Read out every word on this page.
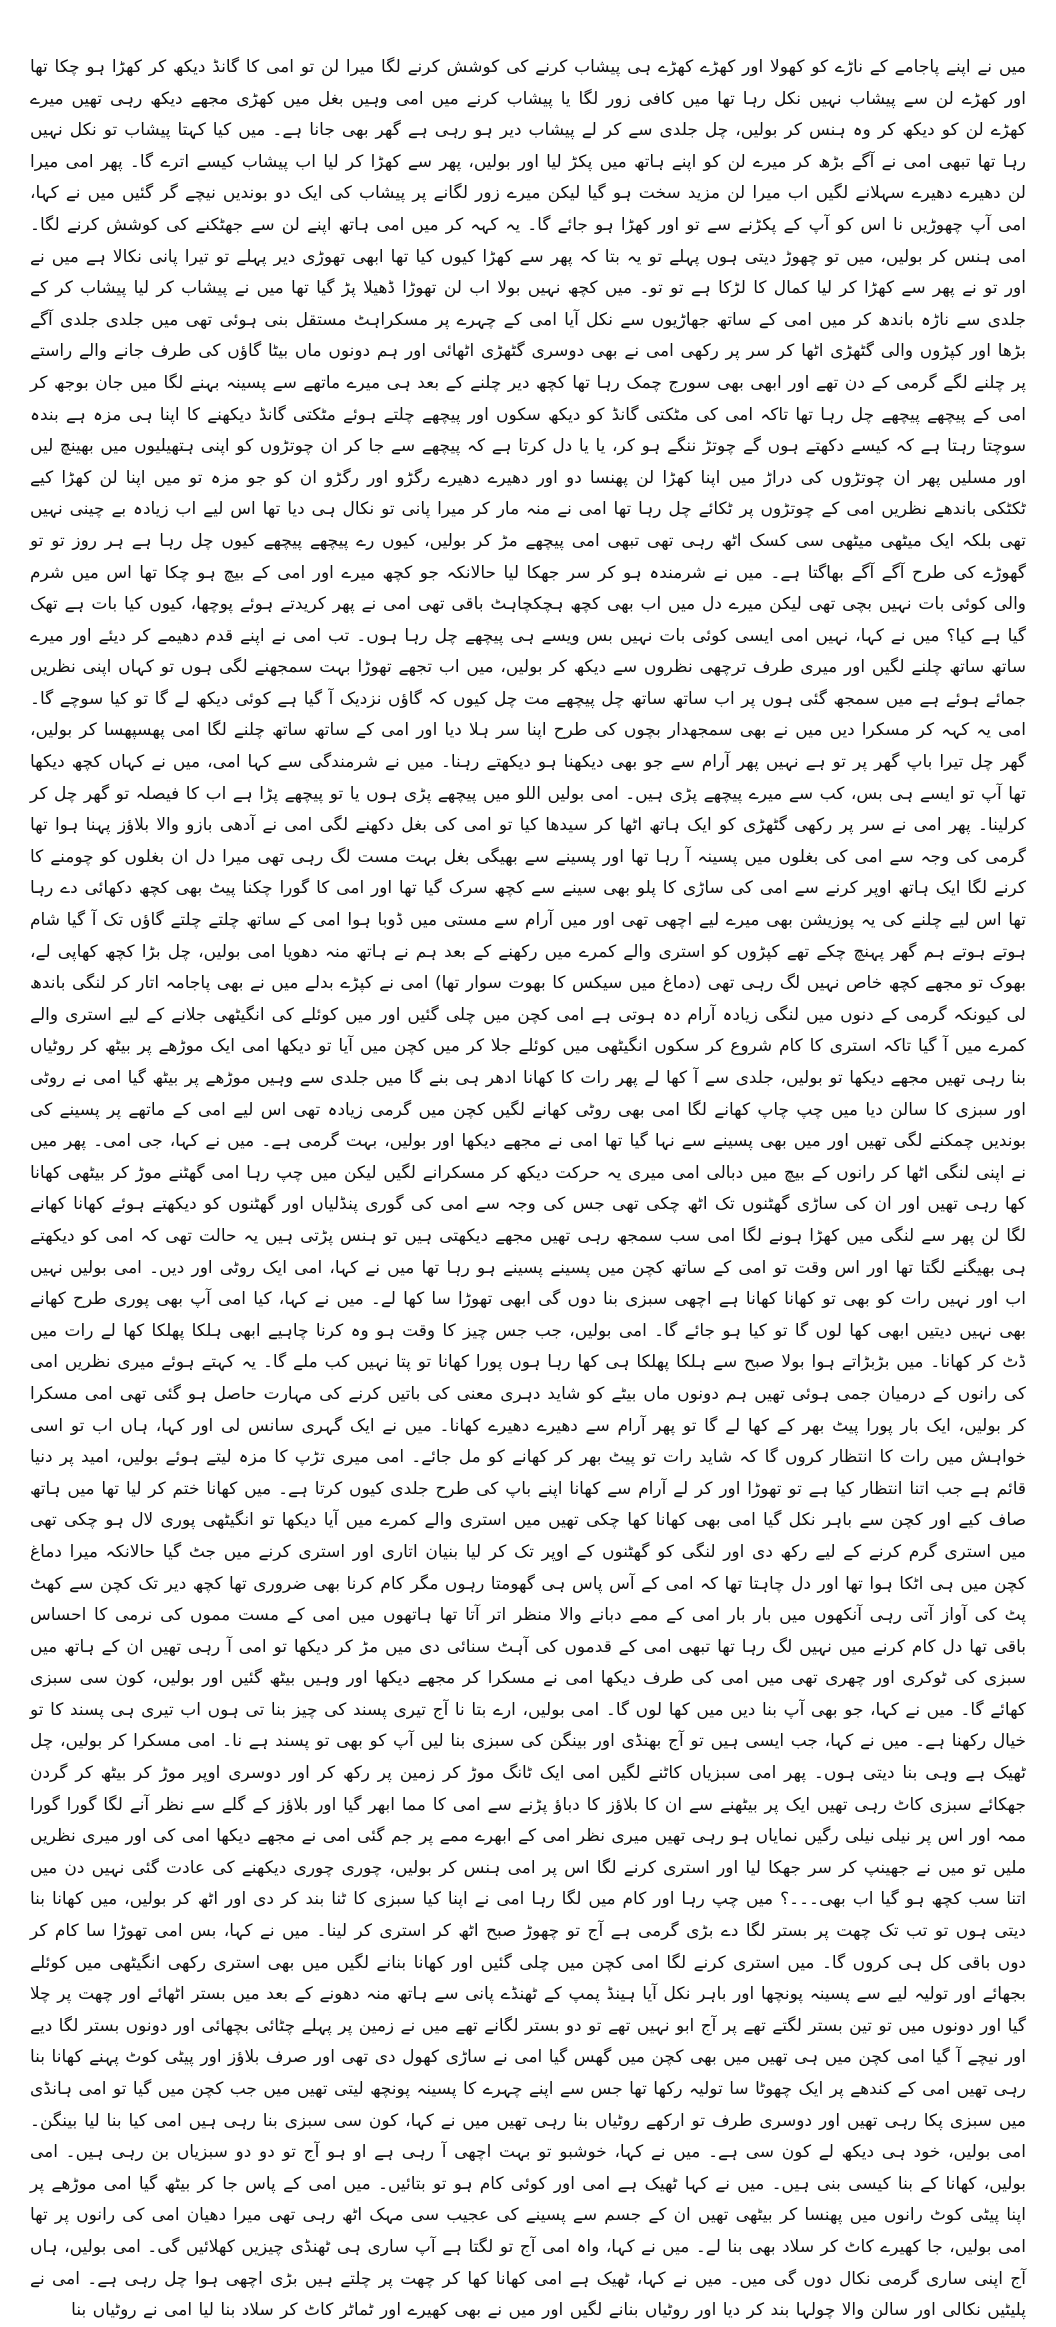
میں نے اپنے پاجامے کے ناڑے کو کھولا اور کھڑے کھڑے ہی پیشاب کرنے کی کوشش کرنے لگا میرا لن تو امی کا گانڈ دیکھ کر کھڑا ہو چکا تھا اور کھڑے لن سے پیشاب نہیں نکل رہا تھا میں کافی زور لگا یا پیشاب کرنے میں امی وہیں بغل میں کھڑی مجھے دیکھ رہی تھیں میرے کھڑے لن کو دیکھ کر وہ ہنس کر بولیں، چل جلدی سے کر لے پیشاب دیر ہو رہی ہے گھر بھی جانا ہے۔ میں کیا کہتا پیشاب تو نکل نہیں رہا تھا تبھی امی نے آگے بڑھ کر میرے لن کو اپنے ہاتھ میں پکڑ لیا اور بولیں، پھر سے کھڑا کر لیا اب پیشاب کیسے اترے گا۔ پھر امی میرا لن دھیرے دھیرے سہلانے لگیں اب میرا لن مزید سخت ہو گیا لیکن میرے زور لگانے پر پیشاب کی ایک دو بوندیں نیچے گر گئیں میں نے کہا، امی آپ چھوڑیں نا اس کو آپ کے پکڑنے سے تو اور کھڑا ہو جائے گا۔ یہ کہہ کر میں امی ہاتھ اپنے لن سے جھٹکنے کی کوشش کرنے لگا۔ امی ہنس کر بولیں، میں تو چھوڑ دیتی ہوں پہلے تو یہ بتا کہ پھر سے کھڑا کیوں کیا تھا ابھی تھوڑی دیر پہلے تو تیرا پانی نکالا ہے میں نے اور تو نے پھر سے کھڑا کر لیا کمال کا لڑکا ہے تو تو۔ میں کچھ نہیں بولا اب لن تھوڑا ڈھیلا پڑ گیا تھا میں نے پیشاب کر لیا پیشاب کر کے جلدی سے ناڑہ باندھ کر میں امی کے ساتھ جھاڑیوں سے نکل آیا امی کے چہرے پر مسکراہٹ مستقل بنی ہوئی تھی میں جلدی جلدی آگے بڑھا اور کپڑوں والی گٹھڑی اٹھا کر سر پر رکھی امی نے بھی دوسری گٹھڑی اٹھائی اور ہم دونوں ماں بیٹا گاؤں کی طرف جانے والے راستے پر چلنے لگے گرمی کے دن تھے اور ابھی بھی سورج چمک رہا تھا کچھ دیر چلنے کے بعد ہی میرے ماتھے سے پسینہ بہنے لگا میں جان بوجھ کر امی کے پیچھے پیچھے چل رہا تھا تاکہ امی کی مٹکتی گانڈ کو دیکھ سکوں اور پیچھے چلتے ہوئے مٹکتی گانڈ دیکھنے کا اپنا ہی مزہ ہے بندہ سوچتا رہتا ہے کہ کیسے دکھتے ہوں گے چوتڑ ننگے ہو کر، یا یا دل کرتا ہے کہ پیچھے سے جا کر ان چوتڑوں کو اپنی ہتھیلیوں میں بھینچ لیں اور مسلیں پھر ان چوتڑوں کی دراڑ میں اپنا کھڑا لن پھنسا دو اور دھیرے دھیرے رگڑو اور رگڑو ان کو جو مزہ تو میں اپنا لن کھڑا کیے ٹکٹکی باندھے نظریں امی کے چوتڑوں پر ٹکائے چل رہا تھا امی نے منہ مار کر میرا پانی تو نکال ہی دیا تھا اس لیے اب زیادہ بے چینی نہیں تھی بلکہ ایک میٹھی میٹھی سی کسک اٹھ رہی تھی تبھی امی پیچھے مڑ کر بولیں، کیوں رے پیچھے پیچھے کیوں چل رہا ہے ہر روز تو تو گھوڑے کی طرح آگے آگے بھاگتا ہے۔ میں نے شرمندہ ہو کر سر جھکا لیا حالانکہ جو کچھ میرے اور امی کے بیچ ہو چکا تھا اس میں شرم والی کوئی بات نہیں بچی تھی لیکن میرے دل میں اب بھی کچھ ہچکچاہٹ باقی تھی امی نے پھر کریدتے ہوئے پوچھا، کیوں کیا بات ہے تھک گیا ہے کیا؟ میں نے کہا، نہیں امی ایسی کوئی بات نہیں بس ویسے ہی پیچھے چل رہا ہوں۔ تب امی نے اپنے قدم دھیمے کر دیئے اور میرے ساتھ ساتھ چلنے لگیں اور میری طرف ترچھی نظروں سے دیکھ کر بولیں، میں اب تجھے تھوڑا بہت سمجھنے لگی ہوں تو کہاں اپنی نظریں جمائے ہوئے ہے میں سمجھ گئی ہوں پر اب ساتھ ساتھ چل پیچھے مت چل کیوں کہ گاؤں نزدیک آ گیا ہے کوئی دیکھ لے گا تو کیا سوچے گا۔ امی یہ کہہ کر مسکرا دیں میں نے بھی سمجھدار بچوں کی طرح اپنا سر ہلا دیا اور امی کے ساتھ ساتھ چلنے لگا امی پھسپھسا کر بولیں، گھر چل تیرا باپ گھر پر تو ہے نہیں پھر آرام سے جو بھی دیکھنا ہو دیکھتے رہنا۔ میں نے شرمندگی سے کہا امی، میں نے کہاں کچھ دیکھا تھا آپ تو ایسے ہی بس، کب سے میرے پیچھے پڑی ہیں۔ امی بولیں اللو میں پیچھے پڑی ہوں یا تو پیچھے پڑا ہے اب کا فیصلہ تو گھر چل کر کرلینا۔ پھر امی نے سر پر رکھی گٹھڑی کو ایک ہاتھ اٹھا کر سیدھا کیا تو امی کی بغل دکھنے لگی امی نے آدھی بازو والا بلاؤز پہنا ہوا تھا گرمی کی وجہ سے امی کی بغلوں میں پسینہ آ رہا تھا اور پسینے سے بھیگی بغل بہت مست لگ رہی تھی میرا دل ان بغلوں کو چومنے کا کرنے لگا ایک ہاتھ اوپر کرنے سے امی کی ساڑی کا پلو بھی سینے سے کچھ سرک گیا تھا اور امی کا گورا چکنا پیٹ بھی کچھ دکھائی دے رہا تھا اس لیے چلنے کی یہ پوزیشن بھی میرے لیے اچھی تھی اور میں آرام سے مستی میں ڈوبا ہوا امی کے ساتھ چلتے چلتے گاؤں تک آ گیا شام ہوتے ہوتے ہم گھر پہنچ چکے تھے کپڑوں کو استری والے کمرے میں رکھنے کے بعد ہم نے ہاتھ منہ دھویا امی بولیں، چل بڑا کچھ کھاپی لے، بھوک تو مجھے کچھ خاص نہیں لگ رہی تھی (دماغ میں سیکس کا بھوت سوار تھا) امی نے کپڑے بدلے میں نے بھی پاجامہ اتار کر لنگی باندھ لی کیونکہ گرمی کے دنوں میں لنگی زیادہ آرام دہ ہوتی ہے امی کچن میں چلی گئیں اور میں کوئلے کی انگیٹھی جلانے کے لیے استری والے کمرے میں آ گیا تاکہ استری کا کام شروع کر سکوں انگیٹھی میں کوئلے جلا کر میں کچن میں آیا تو دیکھا امی ایک موڑھے پر بیٹھ کر روٹیاں بنا رہی تھیں مجھے دیکھا تو بولیں، جلدی سے آ کھا لے پھر رات کا کھانا ادھر ہی بنے گا میں جلدی سے وہیں موڑھے پر بیٹھ گیا امی نے روٹی اور سبزی کا سالن دیا میں چپ چاپ کھانے لگا امی بھی روٹی کھانے لگیں کچن میں گرمی زیادہ تھی اس لیے امی کے ماتھے پر پسینے کی بوندیں چمکنے لگی تھیں اور میں بھی پسینے سے نہا گیا تھا امی نے مجھے دیکھا اور بولیں، بہت گرمی ہے۔ میں نے کہا، جی امی۔ پھر میں نے اپنی لنگی اٹھا کر رانوں کے بیچ میں دبالی امی میری یہ حرکت دیکھ کر مسکرانے لگیں لیکن میں چپ رہا امی گھٹنے موڑ کر بیٹھی کھانا کھا رہی تھیں اور ان کی ساڑی گھٹنوں تک اٹھ چکی تھی جس کی وجہ سے امی کی گوری پنڈلیاں اور گھٹنوں کو دیکھتے ہوئے کھانا کھانے لگا لن پھر سے لنگی میں کھڑا ہونے لگا امی سب سمجھ رہی تھیں مجھے دیکھتی ہیں تو ہنس پڑتی ہیں یہ حالت تھی کہ امی کو دیکھتے ہی بھیگنے لگتا تھا اور اس وقت تو امی کے ساتھ کچن میں پسینے پسینے ہو رہا تھا میں نے کہا، امی ایک روٹی اور دیں۔ امی بولیں نہیں اب اور نہیں رات کو بھی تو کھانا کھانا ہے اچھی سبزی بنا دوں گی ابھی تھوڑا سا کھا لے۔ میں نے کہا، کیا امی آپ بھی پوری طرح کھانے بھی نہیں دیتیں ابھی کھا لوں گا تو کیا ہو جائے گا۔ امی بولیں، جب جس چیز کا وقت ہو وہ کرنا چاہیے ابھی ہلکا پھلکا کھا لے رات میں ڈٹ کر کھانا۔ میں بڑبڑاتے ہوا بولا صبح سے ہلکا پھلکا ہی کھا رہا ہوں پورا کھانا تو پتا نہیں کب ملے گا۔ یہ کہتے ہوئے میری نظریں امی کی رانوں کے درمیان جمی ہوئی تھیں ہم دونوں ماں بیٹے کو شاید دہری معنی کی باتیں کرنے کی مہارت حاصل ہو گئی تھی امی مسکرا کر بولیں، ایک بار پورا پیٹ بھر کے کھا لے گا تو پھر آرام سے دھیرے دھیرے کھانا۔ میں نے ایک گہری سانس لی اور کہا، ہاں اب تو اسی خواہش میں رات کا انتظار کروں گا کہ شاید رات تو پیٹ بھر کر کھانے کو مل جائے۔ امی میری تڑپ کا مزہ لیتے ہوئے بولیں، امید پر دنیا قائم ہے جب اتنا انتظار کیا ہے تو تھوڑا اور کر لے آرام سے کھانا اپنے باپ کی طرح جلدی کیوں کرتا ہے۔ میں کھانا ختم کر لیا تھا میں ہاتھ صاف کیے اور کچن سے باہر نکل گیا امی بھی کھانا کھا چکی تھیں میں استری والے کمرے میں آیا دیکھا تو انگیٹھی پوری لال ہو چکی تھی میں استری گرم کرنے کے لیے رکھ دی اور لنگی کو گھٹنوں کے اوپر تک کر لیا بنیان اتاری اور استری کرنے میں جٹ گیا حالانکہ میرا دماغ کچن میں ہی اٹکا ہوا تھا اور دل چاہتا تھا کہ امی کے آس پاس ہی گھومتا رہوں مگر کام کرنا بھی ضروری تھا کچھ دیر تک کچن سے کھٹ پٹ کی آواز آتی رہی آنکھوں میں بار بار امی کے ممے دبانے والا منظر اتر آتا تھا ہاتھوں میں امی کے مست مموں کی نرمی کا احساس باقی تھا دل کام کرنے میں نہیں لگ رہا تھا تبھی امی کے قدموں کی آہٹ سنائی دی میں مڑ کر دیکھا تو امی آ رہی تھیں ان کے ہاتھ میں سبزی کی ٹوکری اور چھری تھی میں امی کی طرف دیکھا امی نے مسکرا کر مجھے دیکھا اور وہیں بیٹھ گئیں اور بولیں، کون سی سبزی کھائے گا۔ میں نے کہا، جو بھی آپ بنا دیں میں کھا لوں گا۔ امی بولیں، ارے بتا نا آج تیری پسند کی چیز بنا تی ہوں اب تیری ہی پسند کا تو خیال رکھنا ہے۔ میں نے کہا، جب ایسی ہیں تو آج بھنڈی اور بینگن کی سبزی بنا لیں آپ کو بھی تو پسند ہے نا۔ امی مسکرا کر بولیں، چل ٹھیک ہے وہی بنا دیتی ہوں۔ پھر امی سبزیاں کاٹنے لگیں امی ایک ٹانگ موڑ کر زمین پر رکھ کر اور دوسری اوپر موڑ کر بیٹھ کر گردن جھکائے سبزی کاٹ رہی تھیں ایک پر بیٹھنے سے ان کا بلاؤز کا دباؤ پڑنے سے امی کا مما ابھر گیا اور بلاؤز کے گلے سے نظر آنے لگا گورا گورا ممہ اور اس پر نیلی نیلی رگیں نمایاں ہو رہی تھیں میری نظر امی کے ابھرے ممے پر جم گئی امی نے مجھے دیکھا امی کی اور میری نظریں ملیں تو میں نے جھینپ کر سر جھکا لیا اور استری کرنے لگا اس پر امی ہنس کر بولیں، چوری چوری دیکھنے کی عادت گئی نہیں دن میں اتنا سب کچھ ہو گیا اب بھی۔۔۔؟ میں چپ رہا اور کام میں لگا رہا امی نے اپنا کیا سبزی کا ٹنا بند کر دی اور اٹھ کر بولیں، میں کھانا بنا دیتی ہوں تو تب تک چھت پر بستر لگا دے بڑی گرمی ہے آج تو چھوڑ صبح اٹھ کر استری کر لینا۔ میں نے کہا، بس امی تھوڑا سا کام کر دوں باقی کل ہی کروں گا۔ میں استری کرنے لگا امی کچن میں چلی گئیں اور کھانا بنانے لگیں میں بھی استری رکھی انگیٹھی میں کوئلے بجھائے اور تولیہ لیے سے پسینہ پونچھا اور باہر نکل آیا ہینڈ پمپ کے ٹھنڈے پانی سے ہاتھ منہ دھونے کے بعد میں بستر اٹھائے اور چھت پر چلا گیا اور دونوں میں تو تین بستر لگتے تھے پر آج ابو نہیں تھے تو دو بستر لگانے تھے میں نے زمین پر پہلے چٹائی بچھائی اور دونوں بستر لگا دیے اور نیچے آ گیا امی کچن میں ہی تھیں میں بھی کچن میں گھس گیا امی نے ساڑی کھول دی تھی اور صرف بلاؤز اور پیٹی کوٹ پہنے کھانا بنا رہی تھیں امی کے کندھے پر ایک چھوٹا سا تولیہ رکھا تھا جس سے اپنے چہرے کا پسینہ پونچھ لیتی تھیں میں جب کچن میں گیا تو امی ہانڈی میں سبزی پکا رہی تھیں اور دوسری طرف تو ارکھے روٹیاں بنا رہی تھیں میں نے کہا، کون سی سبزی بنا رہی ہیں امی کیا بنا لیا بینگن۔ امی بولیں، خود ہی دیکھ لے کون سی ہے۔ میں نے کہا، خوشبو تو بہت اچھی آ رہی ہے او ہو آج تو دو دو سبزیاں بن رہی ہیں۔ امی بولیں، کھانا کے بنا کیسی بنی ہیں۔ میں نے کہا ٹھیک ہے امی اور کوئی کام ہو تو بتائیں۔ میں امی کے پاس جا کر بیٹھ گیا امی موڑھے پر اپنا پیٹی کوٹ رانوں میں پھنسا کر بیٹھی تھیں ان کے جسم سے پسینے کی عجیب سی مہک اٹھ رہی تھی میرا دھیان امی کی رانوں پر تھا امی بولیں، جا کھیرے کاٹ کر سلاد بھی بنا لے۔ میں نے کہا، واہ امی آج تو لگتا ہے آپ ساری ہی ٹھنڈی چیزیں کھلائیں گی۔ امی بولیں، ہاں آج اپنی ساری گرمی نکال دوں گی میں۔ میں نے کہا، ٹھیک ہے امی کھانا کھا کر چھت پر چلتے ہیں بڑی اچھی ہوا چل رہی ہے۔ امی نے پلیٹیں نکالی اور سالن والا چولہا بند کر دیا اور روٹیاں بنانے لگیں اور میں نے بھی کھیرے اور ٹماٹر کاٹ کر سلاد بنا لیا امی نے روٹیاں بنا
